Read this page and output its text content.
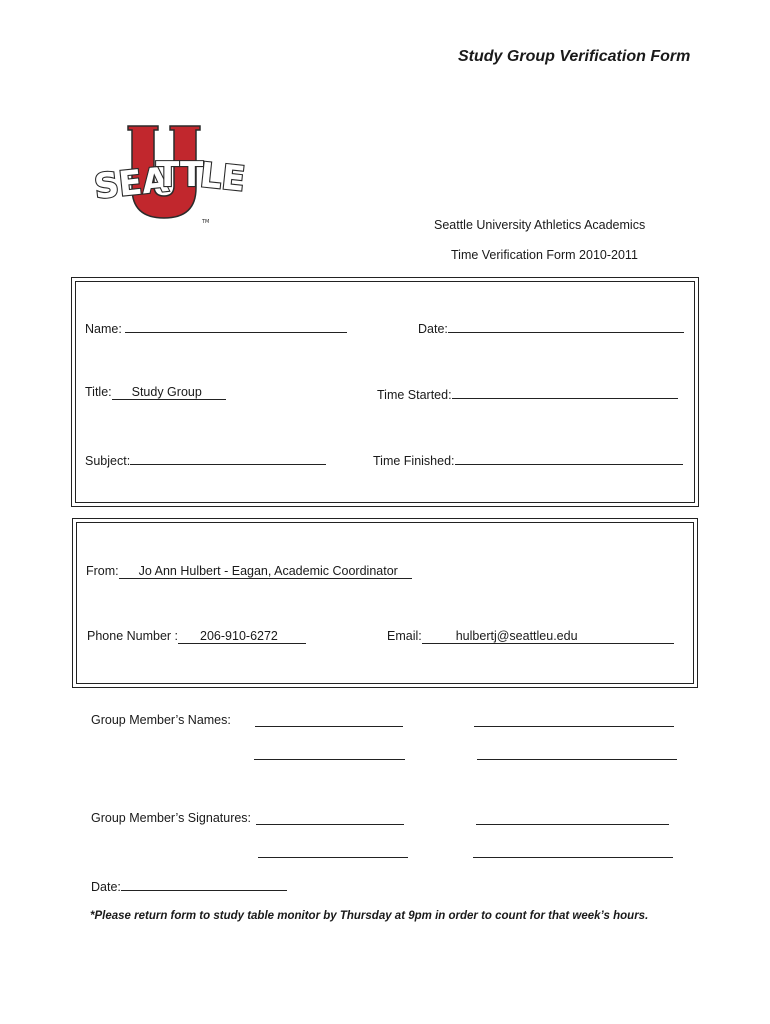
Study Group Verification Form
SEA
TT
LE
TM	Seattle University Athletics Academics
Time Verification Form 2010-2011
Name:	Date:
Title: Study Group	Time Started:
Subject:	Time Finished:
From: Jo Ann Hulbert - Eagan, Academic Coordinator
Phone Number : 206-910-6272	Email:	hulbertj@seattleu.edu
Group Member’s Names:
Group Member’s Signatures:
Date:
*Please return form to study table monitor by Thursday at 9pm in order to count for that week’s hours.
